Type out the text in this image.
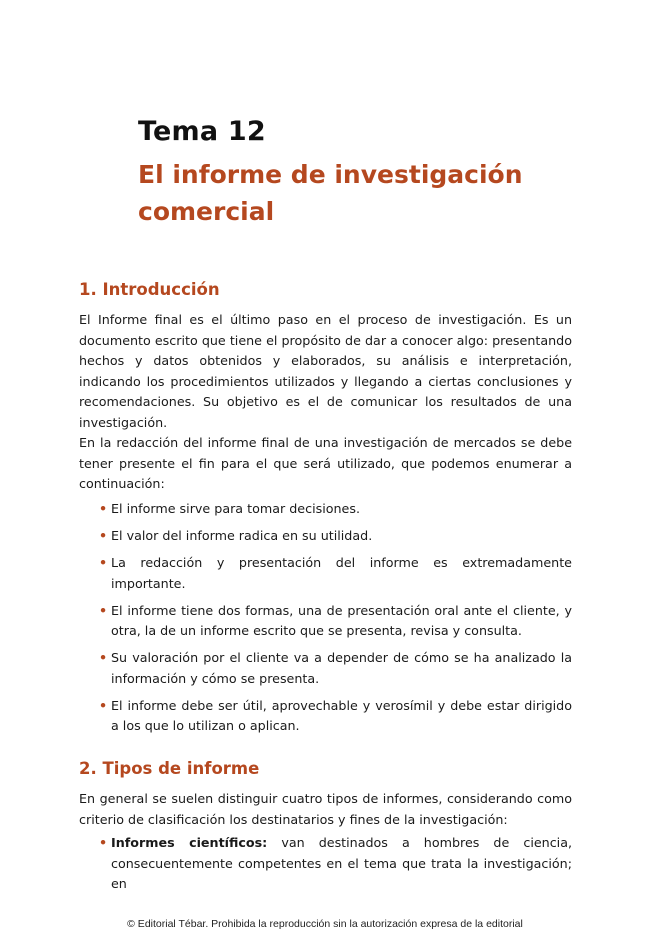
Tema 12
El informe de investigación comercial
1. Introducción

El Informe final es el último paso en el proceso de investigación. Es un documento escrito que tiene el propósito de dar a conocer algo: presentando hechos y datos obtenidos y elaborados, su análisis e interpretación, indicando los procedimientos utilizados y llegando a ciertas conclusiones y recomendaciones. Su objetivo es el de comunicar los resultados de una investigación.

En la redacción del informe final de una investigación de mercados se debe tener presente el fin para el que será utilizado, que podemos enumerar a continuación:

• El informe sirve para tomar decisiones.
• El valor del informe radica en su utilidad.
• La redacción y presentación del informe es extremadamente importante.
• El informe tiene dos formas, una de presentación oral ante el cliente, y otra, la de un informe escrito que se presenta, revisa y consulta.
• Su valoración por el cliente va a depender de cómo se ha analizado la información y cómo se presenta.
• El informe debe ser útil, aprovechable y verosímil y debe estar dirigido a los que lo utilizan o aplican.
2. Tipos de informe

En general se suelen distinguir cuatro tipos de informes, considerando como criterio de clasificación los destinatarios y fines de la investigación:

• Informes científicos: van destinados a hombres de ciencia, consecuentemente competentes en el tema que trata la investigación; en
© Editorial Tébar. Prohibida la reproducción sin la autorización expresa de la editorial
